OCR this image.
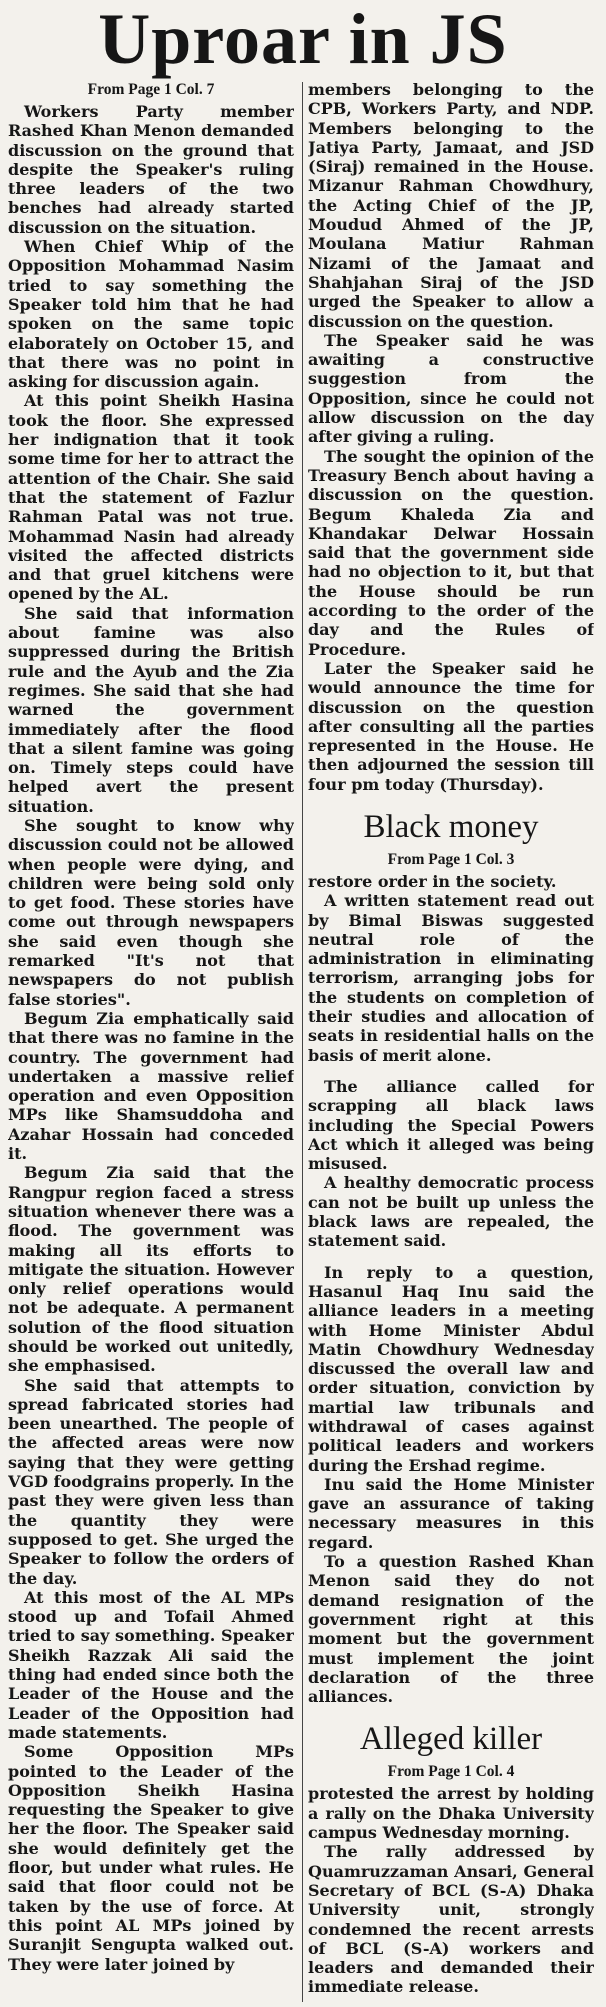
Uproar in JS
From Page 1 Col. 7

Workers Party member Rashed Khan Menon demanded discussion on the ground that despite the Speaker's ruling three leaders of the two benches had already started discussion on the situation.

When Chief Whip of the Opposition Mohammad Nasim tried to say something the Speaker told him that he had spoken on the same topic elaborately on October 15, and that there was no point in asking for discussion again.

At this point Sheikh Hasina took the floor. She expressed her indignation that it took some time for her to attract the attention of the Chair. She said that the statement of Fazlur Rahman Patal was not true. Mohammad Nasin had already visited the affected districts and that gruel kitchens were opened by the AL.

She said that information about famine was also suppressed during the British rule and the Ayub and the Zia regimes. She said that she had warned the government immediately after the flood that a silent famine was going on. Timely steps could have helped avert the present situation.

She sought to know why discussion could not be allowed when people were dying, and children were being sold only to get food. These stories have come out through newspapers she said even though she remarked "It's not that newspapers do not publish false stories".

Begum Zia emphatically said that there was no famine in the country. The government had undertaken a massive relief operation and even Opposition MPs like Shamsuddoha and Azahar Hossain had conceded it.

Begum Zia said that the Rangpur region faced a stress situation whenever there was a flood. The government was making all its efforts to mitigate the situation. However only relief operations would not be adequate. A permanent solution of the flood situation should be worked out unitedly, she emphasised.

She said that attempts to spread fabricated stories had been unearthed. The people of the affected areas were now saying that they were getting VGD foodgrains properly. In the past they were given less than the quantity they were supposed to get. She urged the Speaker to follow the orders of the day.

At this most of the AL MPs stood up and Tofail Ahmed tried to say something. Speaker Sheikh Razzak Ali said the thing had ended since both the Leader of the House and the Leader of the Opposition had made statements.

Some Opposition MPs pointed to the Leader of the Opposition Sheikh Hasina requesting the Speaker to give her the floor. The Speaker said she would definitely get the floor, but under what rules. He said that floor could not be taken by the use of force. At this point AL MPs joined by Suranjit Sengupta walked out. They were later joined by

members belonging to the CPB, Workers Party, and NDP. Members belonging to the Jatiya Party, Jamaat, and JSD (Siraj) remained in the House. Mizanur Rahman Chowdhury, the Acting Chief of the JP, Moudud Ahmed of the JP, Moulana Matiur Rahman Nizami of the Jamaat and Shahjahan Siraj of the JSD urged the Speaker to allow a discussion on the question.

The Speaker said he was awaiting a constructive suggestion from the Opposition, since he could not allow discussion on the day after giving a ruling.

The sought the opinion of the Treasury Bench about having a discussion on the question. Begum Khaleda Zia and Khandakar Delwar Hossain said that the government side had no objection to it, but that the House should be run according to the order of the day and the Rules of Procedure.

Later the Speaker said he would announce the time for discussion on the question after consulting all the parties represented in the House. He then adjourned the session till four pm today (Thursday).

Black money
From Page 1 Col. 3

restore order in the society.

A written statement read out by Bimal Biswas suggested neutral role of the administration in eliminating terrorism, arranging jobs for the students on completion of their studies and allocation of seats in residential halls on the basis of merit alone.

The alliance called for scrapping all black laws including the Special Powers Act which it alleged was being misused.

A healthy democratic process can not be built up unless the black laws are repealed, the statement said.

In reply to a question, Hasanul Haq Inu said the alliance leaders in a meeting with Home Minister Abdul Matin Chowdhury Wednesday discussed the overall law and order situation, conviction by martial law tribunals and withdrawal of cases against political leaders and workers during the Ershad regime.

Inu said the Home Minister gave an assurance of taking necessary measures in this regard.

To a question Rashed Khan Menon said they do not demand resignation of the government right at this moment but the government must implement the joint declaration of the three alliances.

Alleged killer
From Page 1 Col. 4

protested the arrest by holding a rally on the Dhaka University campus Wednesday morning.

The rally addressed by Quamruzzaman Ansari, General Secretary of BCL (S-A) Dhaka University unit, strongly condemned the recent arrests of BCL (S-A) workers and leaders and demanded their immediate release.
